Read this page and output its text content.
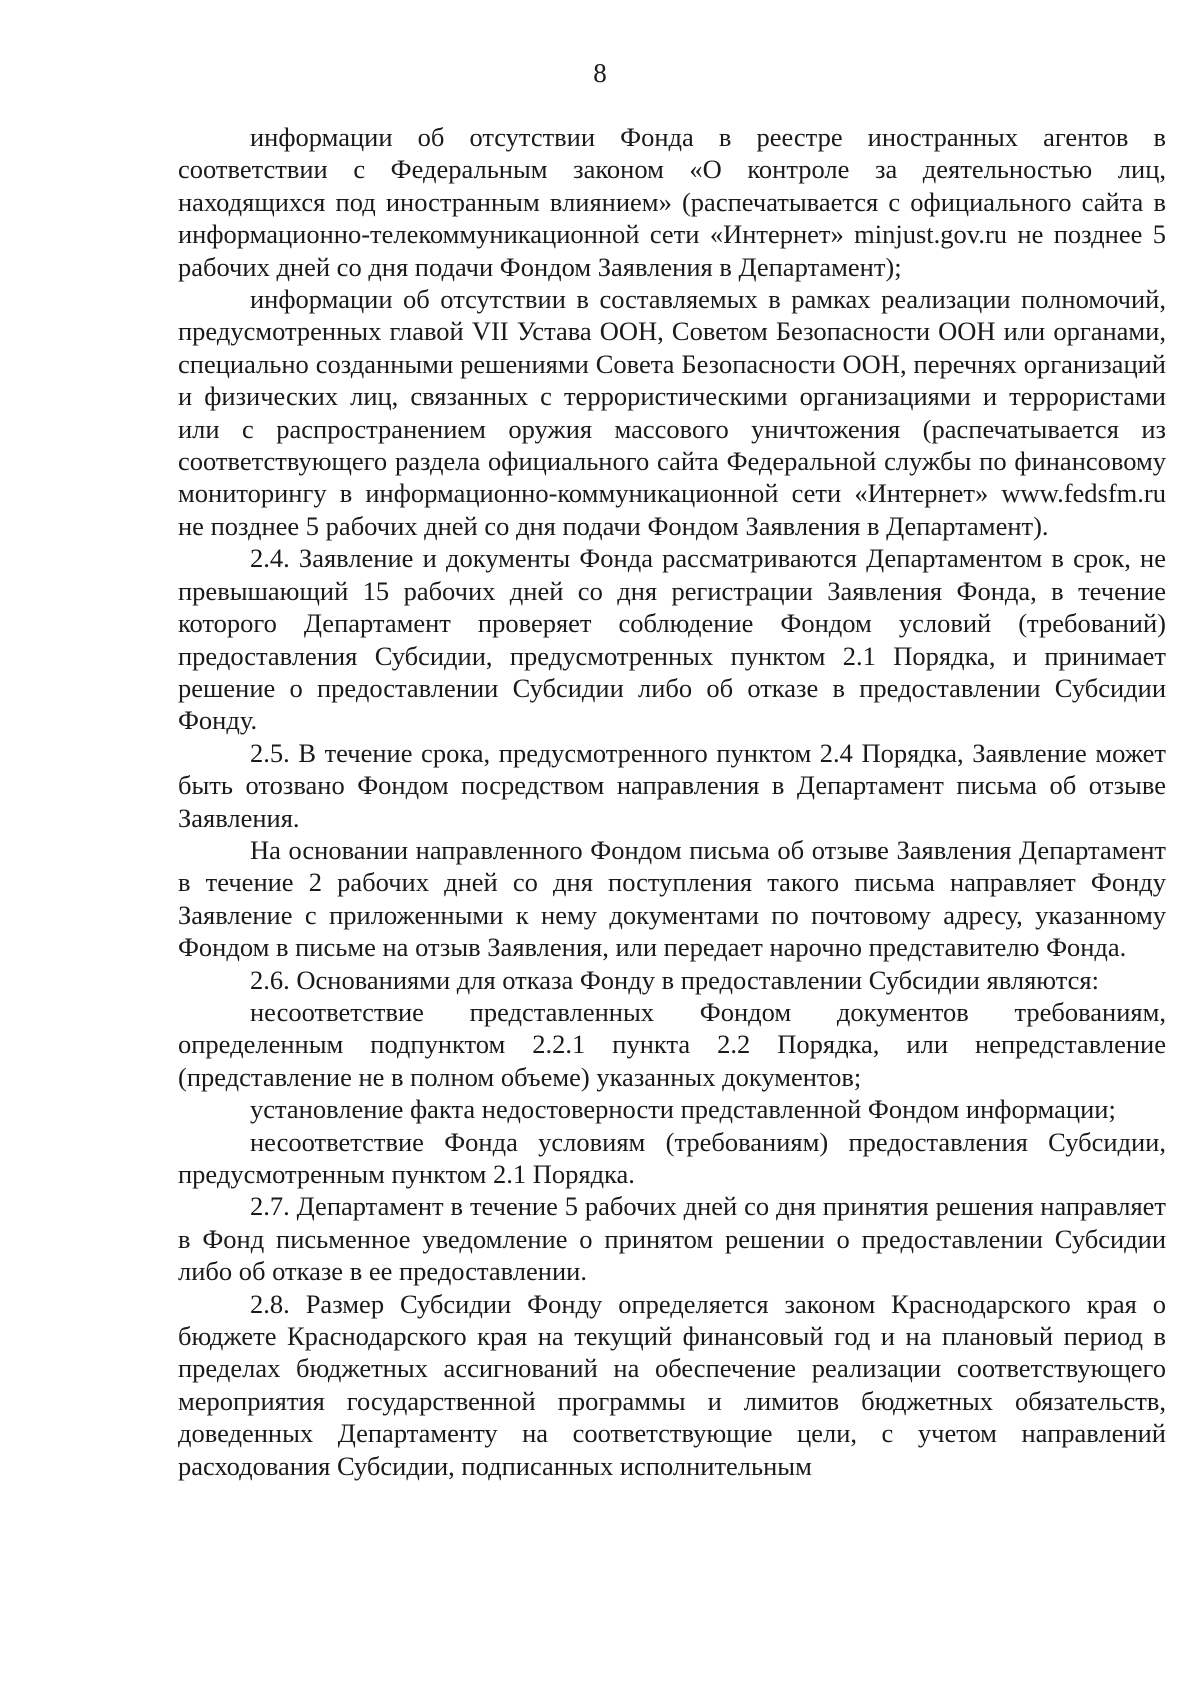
8

информации об отсутствии Фонда в реестре иностранных агентов в соответствии с Федеральным законом «О контроле за деятельностью лиц, находящихся под иностранным влиянием» (распечатывается с официального сайта в информационно-телекоммуникационной сети «Интернет» minjust.gov.ru не позднее 5 рабочих дней со дня подачи Фондом Заявления в Департамент);

информации об отсутствии в составляемых в рамках реализации полномочий, предусмотренных главой VII Устава ООН, Советом Безопасности ООН или органами, специально созданными решениями Совета Безопасности ООН, перечнях организаций и физических лиц, связанных с террористическими организациями и террористами или с распространением оружия массового уничтожения (распечатывается из соответствующего раздела официального сайта Федеральной службы по финансовому мониторингу в информационно-коммуникационной сети «Интернет» www.fedsfm.ru не позднее 5 рабочих дней со дня подачи Фондом Заявления в Департамент).

2.4. Заявление и документы Фонда рассматриваются Департаментом в срок, не превышающий 15 рабочих дней со дня регистрации Заявления Фонда, в течение которого Департамент проверяет соблюдение Фондом условий (требований) предоставления Субсидии, предусмотренных пунктом 2.1 Порядка, и принимает решение о предоставлении Субсидии либо об отказе в предоставлении Субсидии Фонду.

2.5. В течение срока, предусмотренного пунктом 2.4 Порядка, Заявление может быть отозвано Фондом посредством направления в Департамент письма об отзыве Заявления.

На основании направленного Фондом письма об отзыве Заявления Департамент в течение 2 рабочих дней со дня поступления такого письма направляет Фонду Заявление с приложенными к нему документами по почтовому адресу, указанному Фондом в письме на отзыв Заявления, или передает нарочно представителю Фонда.

2.6. Основаниями для отказа Фонду в предоставлении Субсидии являются:

несоответствие представленных Фондом документов требованиям, определенным подпунктом 2.2.1 пункта 2.2 Порядка, или непредставление (представление не в полном объеме) указанных документов;

установление факта недостоверности представленной Фондом информации;

несоответствие Фонда условиям (требованиям) предоставления Субсидии, предусмотренным пунктом 2.1 Порядка.

2.7. Департамент в течение 5 рабочих дней со дня принятия решения направляет в Фонд письменное уведомление о принятом решении о предоставлении Субсидии либо об отказе в ее предоставлении.

2.8. Размер Субсидии Фонду определяется законом Краснодарского края о бюджете Краснодарского края на текущий финансовый год и на плановый период в пределах бюджетных ассигнований на обеспечение реализации соответствующего мероприятия государственной программы и лимитов бюджетных обязательств, доведенных Департаменту на соответствующие цели, с учетом направлений расходования Субсидии, подписанных исполнительным
